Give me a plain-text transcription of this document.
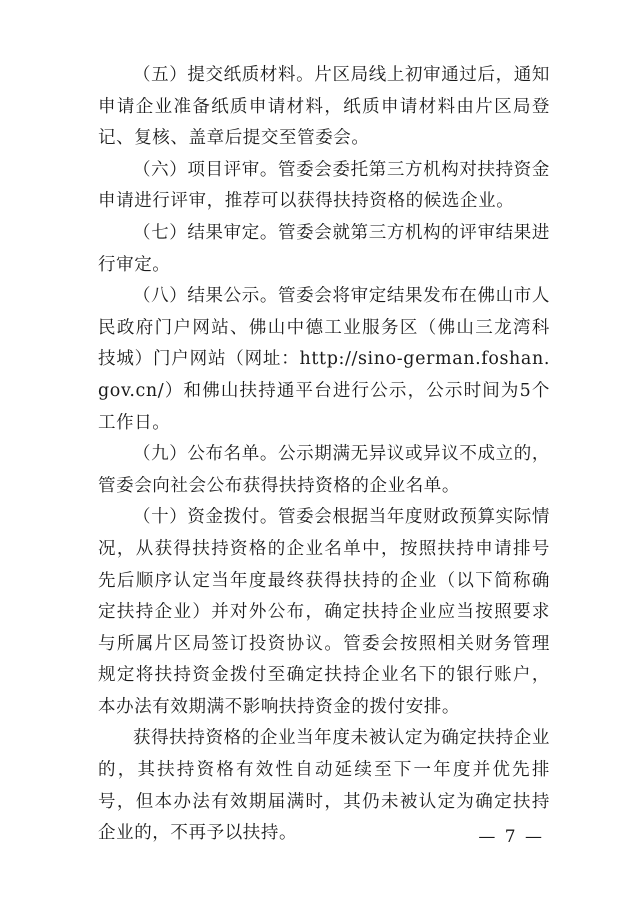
（五）提交纸质材料。片区局线上初审通过后，通知申请企业准备纸质申请材料，纸质申请材料由片区局登记、复核、盖章后提交至管委会。

（六）项目评审。管委会委托第三方机构对扶持资金申请进行评审，推荐可以获得扶持资格的候选企业。

（七）结果审定。管委会就第三方机构的评审结果进行审定。

（八）结果公示。管委会将审定结果发布在佛山市人民政府门户网站、佛山中德工业服务区（佛山三龙湾科技城）门户网站（网址：http://sino-german.foshan.gov.cn/）和佛山扶持通平台进行公示，公示时间为5个工作日。

（九）公布名单。公示期满无异议或异议不成立的，管委会向社会公布获得扶持资格的企业名单。

（十）资金拨付。管委会根据当年度财政预算实际情况，从获得扶持资格的企业名单中，按照扶持申请排号先后顺序认定当年度最终获得扶持的企业（以下简称确定扶持企业）并对外公布，确定扶持企业应当按照要求与所属片区局签订投资协议。管委会按照相关财务管理规定将扶持资金拨付至确定扶持企业名下的银行账户，本办法有效期满不影响扶持资金的拨付安排。

获得扶持资格的企业当年度未被认定为确定扶持企业的，其扶持资格有效性自动延续至下一年度并优先排号，但本办法有效期届满时，其仍未被认定为确定扶持企业的，不再予以扶持。	— 7 —
